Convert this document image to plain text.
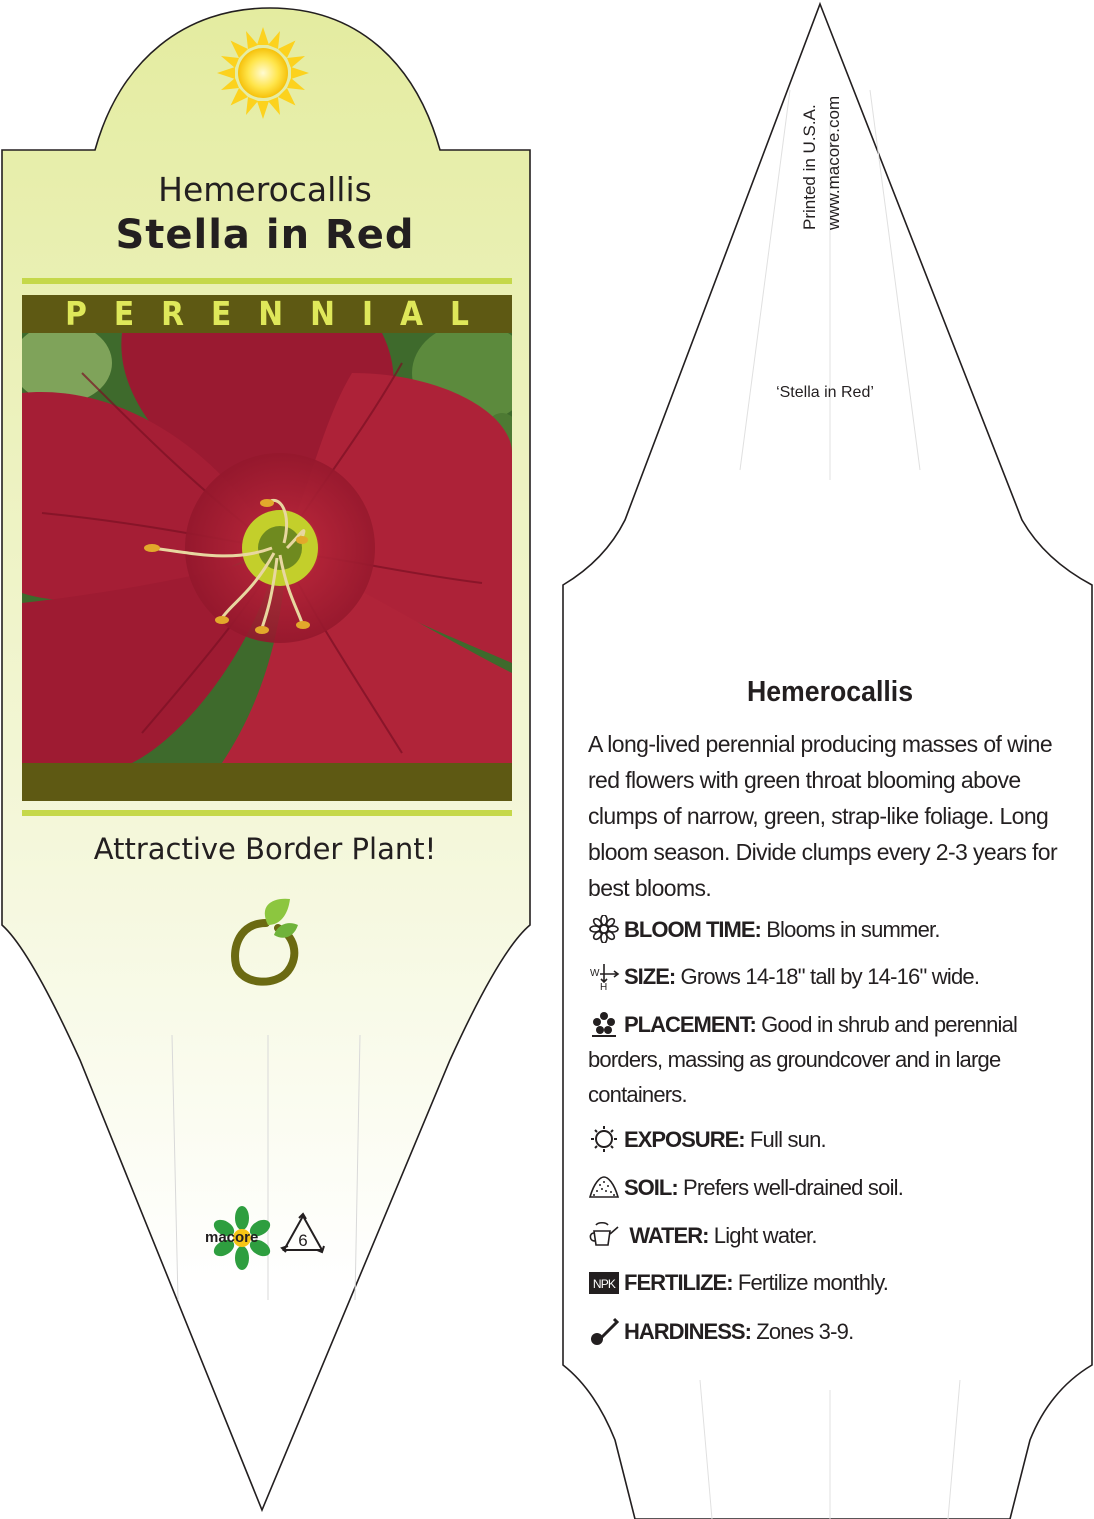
Hemerocallis
Stella in Red
PERENNIAL
Attractive Border Plant!
macore 6
Printed in U.S.A. www.macore.com
‘Stella in Red’
Hemerocallis
A long-lived perennial producing masses of wine red flowers with green throat blooming above clumps of narrow, green, strap-like foliage. Long bloom season. Divide clumps every 2-3 years for best blooms.
BLOOM TIME: Blooms in summer.
W
H SIZE: Grows 14-18" tall by 14-16" wide.
PLACEMENT: Good in shrub and perennial borders, massing as groundcover and in large containers.
EXPOSURE: Full sun.
SOIL: Prefers well-drained soil.
WATER: Light water.
NPK FERTILIZE: Fertilize monthly.
HARDINESS: Zones 3-9.
